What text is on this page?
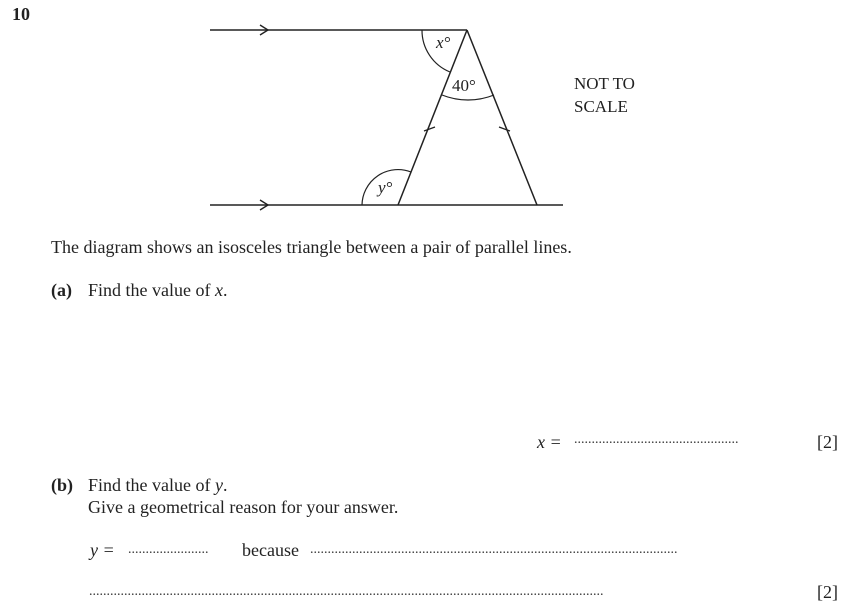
10
x°
40°
y°
NOT TO
SCALE
The diagram shows an isosceles triangle between a pair of parallel lines.
(a) Find the value of x.
x = ...............................................	[2]
(b) Find the value of y.
Give a geometrical reason for your answer.
y = ....................... because .........................................................................................................
...................................................................................................................................................	[2]
